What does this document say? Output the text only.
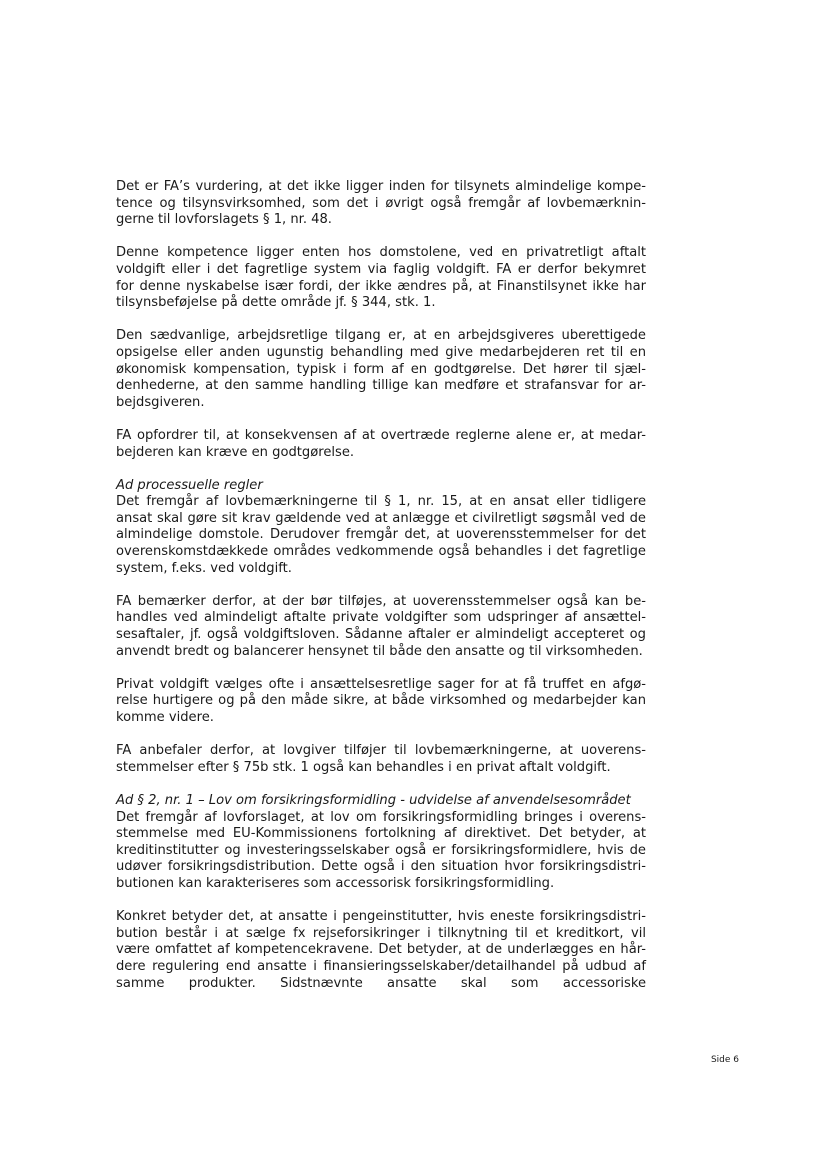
Det er FA’s vurdering, at det ikke ligger inden for tilsynets almindelige kompe-
tence og tilsynsvirksomhed, som det i øvrigt også fremgår af lovbemærknin-
gerne til lovforslagets § 1, nr. 48.
Denne kompetence ligger enten hos domstolene, ved en privatretligt aftalt
voldgift eller i det fagretlige system via faglig voldgift. FA er derfor bekymret
for denne nyskabelse især fordi, der ikke ændres på, at Finanstilsynet ikke har
tilsynsbeføjelse på dette område jf. § 344, stk. 1.
Den sædvanlige, arbejdsretlige tilgang er, at en arbejdsgiveres uberettigede
opsigelse eller anden ugunstig behandling med give medarbejderen ret til en
økonomisk kompensation, typisk i form af en godtgørelse. Det hører til sjæl-
denhederne, at den samme handling tillige kan medføre et strafansvar for ar-
bejdsgiveren.
FA opfordrer til, at konsekvensen af at overtræde reglerne alene er, at medar-
bejderen kan kræve en godtgørelse.
Ad processuelle regler
Det fremgår af lovbemærkningerne til § 1, nr. 15, at en ansat eller tidligere
ansat skal gøre sit krav gældende ved at anlægge et civilretligt søgsmål ved de
almindelige domstole. Derudover fremgår det, at uoverensstemmelser for det
overenskomstdækkede områdes vedkommende også behandles i det fagretlige
system, f.eks. ved voldgift.
FA bemærker derfor, at der bør tilføjes, at uoverensstemmelser også kan be-
handles ved almindeligt aftalte private voldgifter som udspringer af ansættel-
sesaftaler, jf. også voldgiftsloven. Sådanne aftaler er almindeligt accepteret og
anvendt bredt og balancerer hensynet til både den ansatte og til virksomheden.
Privat voldgift vælges ofte i ansættelsesretlige sager for at få truffet en afgø-
relse hurtigere og på den måde sikre, at både virksomhed og medarbejder kan
komme videre.
FA anbefaler derfor, at lovgiver tilføjer til lovbemærkningerne, at uoverens-
stemmelser efter § 75b stk. 1 også kan behandles i en privat aftalt voldgift.
Ad § 2, nr. 1 – Lov om forsikringsformidling - udvidelse af anvendelsesområdet
Det fremgår af lovforslaget, at lov om forsikringsformidling bringes i overens-
stemmelse med EU-Kommissionens fortolkning af direktivet. Det betyder, at
kreditinstitutter og investeringsselskaber også er forsikringsformidlere, hvis de
udøver forsikringsdistribution. Dette også i den situation hvor forsikringsdistri-
butionen kan karakteriseres som accessorisk forsikringsformidling.
Konkret betyder det, at ansatte i pengeinstitutter, hvis eneste forsikringsdistri-
bution består i at sælge fx rejseforsikringer i tilknytning til et kreditkort, vil
være omfattet af kompetencekravene. Det betyder, at de underlægges en hår-
dere regulering end ansatte i finansieringsselskaber/detailhandel på udbud af
samme produkter. Sidstnævnte ansatte skal som accessoriske
Side 6
